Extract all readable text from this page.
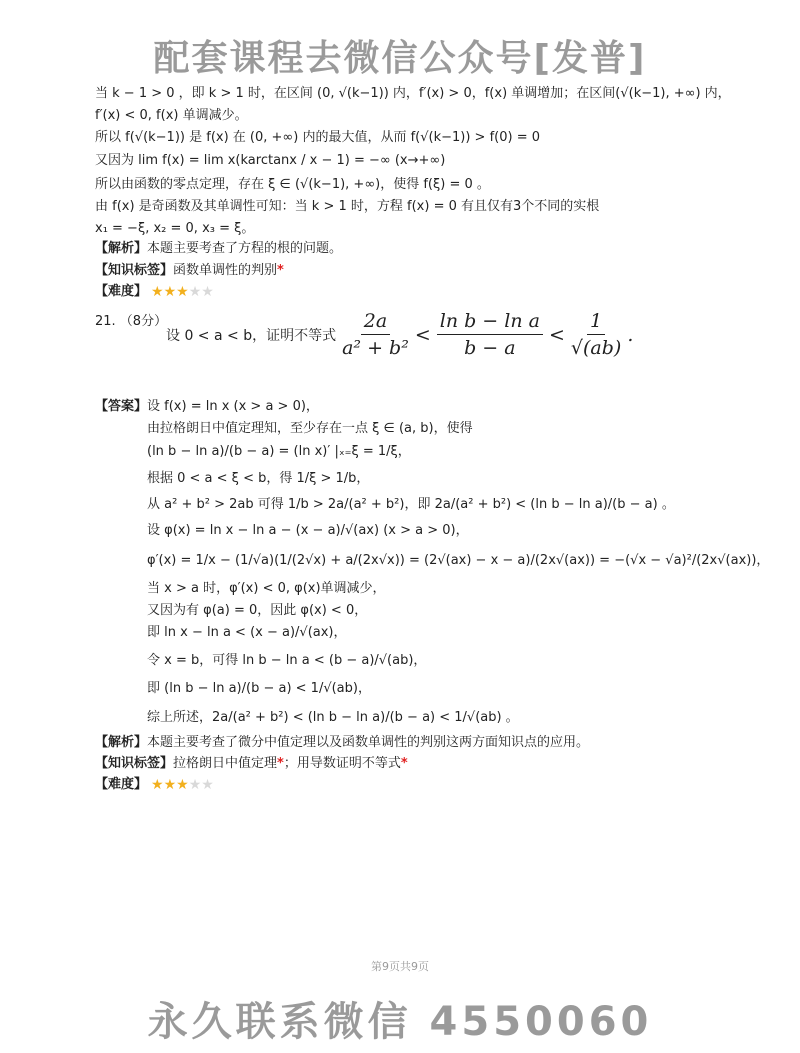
配套课程去微信公众号[发普]
当 k − 1 > 0 ，即 k > 1 时，在区间 (0, √(k−1)) 内，f′(x) > 0，f(x) 单调增加；在区间(√(k−1), +∞) 内，
f′(x) < 0, f(x) 单调减少。
所以 f(√(k−1)) 是 f(x) 在 (0, +∞) 内的最大值，从而 f(√(k−1)) > f(0) = 0
又因为 lim f(x) = lim x(karctanx / x − 1) = −∞ (x→+∞)
所以由函数的零点定理，存在 ξ ∈ (√(k−1), +∞)，使得 f(ξ) = 0 。
由 f(x) 是奇函数及其单调性可知：当 k > 1 时，方程 f(x) = 0 有且仅有3个不同的实根
x₁ = −ξ, x₂ = 0, x₃ = ξ。
【解析】本题主要考查了方程的根的问题。
【知识标签】函数单调性的判别*
【难度】 ★★★★★
21. （8分）
设 0 < a < b，证明不等式 $\frac{2a}{\text{a² + b²}} < \frac{\text{ln b − ln a}}{b - a} < \frac{1}{√(ab)}$ .
【答案】设 f(x) = ln x (x > a > 0)，
由拉格朗日中值定理知，至少存在一点 ξ ∈ (a, b)，使得
(ln b − ln a)/(b − a) = (ln x)′ |ₓ₌ξ = 1/ξ，
根据 0 < a < ξ < b，得 1/ξ > 1/b，
从 a² + b² > 2ab 可得 1/b > 2a/(a² + b²)，即 2a/(a² + b²) < (ln b − ln a)/(b − a) 。
设 φ(x) = ln x − ln a − (x − a)/√(ax) (x > a > 0)，
φ′(x) = 1/x − (1/√a)(1/(2√x) + a/(2x√x)) = (2√(ax) − x − a)/(2x√(ax)) = −(√x − √a)²/(2x√(ax))，
当 x > a 时，φ′(x) < 0, φ(x)单调减少，
又因为有 φ(a) = 0，因此 φ(x) < 0，
即 ln x − ln a < (x − a)/√(ax)，
令 x = b，可得 ln b − ln a < (b − a)/√(ab)，
即 (ln b − ln a)/(b − a) < 1/√(ab)，
综上所述，2a/(a² + b²) < (ln b − ln a)/(b − a) < 1/√(ab) 。
【解析】本题主要考查了微分中值定理以及函数单调性的判别这两方面知识点的应用。
【知识标签】拉格朗日中值定理*；用导数证明不等式*
【难度】 ★★★★★
第9页共9页
永久联系微信 4550060
